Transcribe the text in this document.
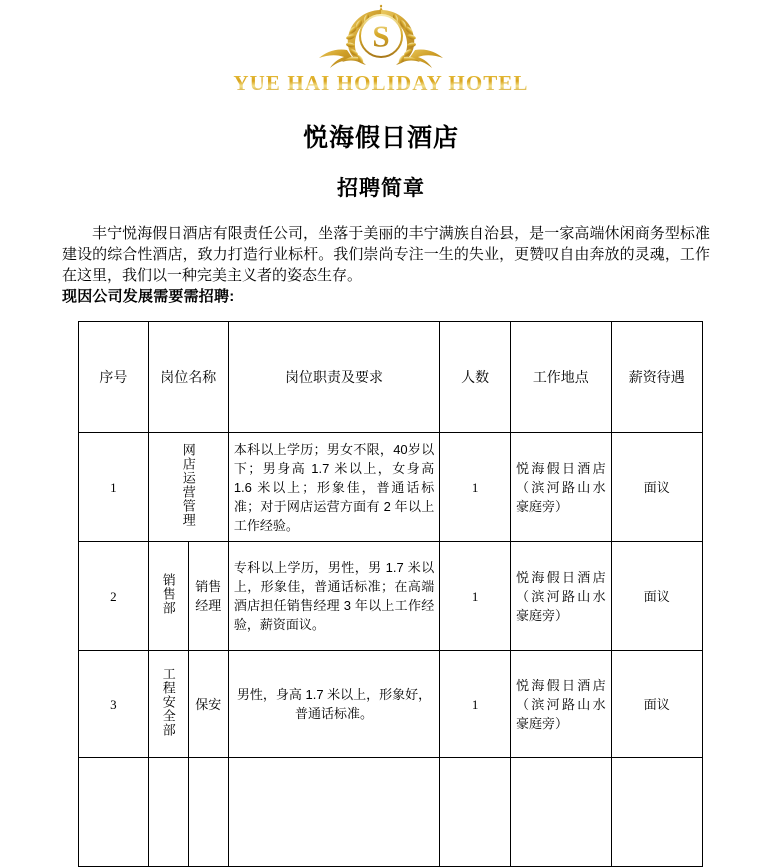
S
YUE HAI HOLIDAY HOTEL
悦海假日酒店
招聘简章

丰宁悦海假日酒店有限责任公司，坐落于美丽的丰宁满族自治县，是一家高端休闲商务型标准建设的综合性酒店，致力打造行业标杆。我们崇尚专注一生的失业，更赞叹自由奔放的灵魂，工作在这里，我们以一种完美主义者的姿态生存。

现因公司发展需要需招聘:

序号	岗位名称		岗位职责及要求	人数	工作地点	薪资待遇
1	网店运营管理		本科以上学历；男女不限，40岁以下；男身高 1.7 米以上，女身高 1.6 米以上；形象佳，普通话标准；对于网店运营方面有 2 年以上工作经验。	1	悦海假日酒店（滨河路山水豪庭旁）	面议
2	销售部	销售经理	专科以上学历，男性，男 1.7 米以上，形象佳，普通话标准；在高端酒店担任销售经理 3 年以上工作经验，薪资面议。	1	悦海假日酒店（滨河路山水豪庭旁）	面议
3	工程安全部	保安	男性，身高 1.7 米以上，形象好，普通话标准。	1	悦海假日酒店（滨河路山水豪庭旁）	面议
